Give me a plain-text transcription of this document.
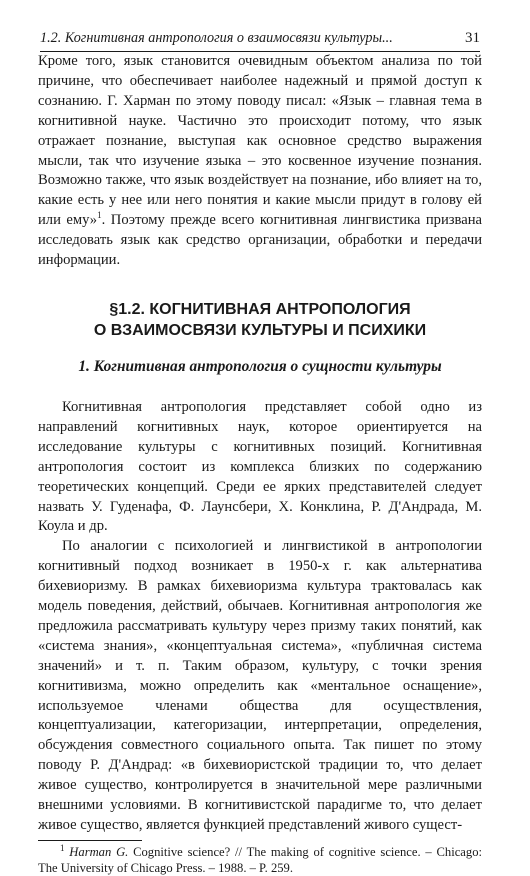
1.2. Когнитивная антропология о взаимосвязи культуры...	31

Кроме того, язык становится очевидным объектом анализа по той причине, что обеспечивает наиболее надежный и прямой доступ к сознанию. Г. Харман по этому поводу писал: «Язык – главная тема в когнитивной науке. Частично это происходит потому, что язык отражает познание, выступая как основное средство выражения мысли, так что изучение языка – это косвенное изучение познания. Возможно также, что язык воздействует на познание, ибо влияет на то, какие есть у нее или него понятия и какие мысли придут в голову ей или ему»$^1$. Поэтому прежде всего когнитивная лингвистика призвана исследовать язык как средство организации, обработки и передачи информации.

§1.2. КОГНИТИВНАЯ АНТРОПОЛОГИЯ
О ВЗАИМОСВЯЗИ КУЛЬТУРЫ И ПСИХИКИ
1. Когнитивная антропология о сущности культуры

Когнитивная антропология представляет собой одно из направлений когнитивных наук, которое ориентируется на исследование культуры с когнитивных позиций. Когнитивная антропология состоит из комплекса близких по содержанию теоретических концепций. Среди ее ярких представителей следует назвать У. Гуденафа, Ф. Лаунсбери, Х. Конклина, Р. Д'Андрада, М. Коула и др.

По аналогии с психологией и лингвистикой в антропологии когнитивный подход возникает в 1950-х г. как альтернатива бихевиоризму. В рамках бихевиоризма культура трактовалась как модель поведения, действий, обычаев. Когнитивная антропология же предложила рассматривать культуру через призму таких понятий, как «система знания», «концептуальная система», «публичная система значений» и т. п. Таким образом, культуру, с точки зрения когнитивизма, можно определить как «ментальное оснащение», используемое членами общества для осуществления, концептуализации, категоризации, интерпретации, определения, обсуждения совместного социального опыта. Так пишет по этому поводу Р. Д'Андрад: «в бихевиористской традиции то, что делает живое существо, контролируется в значительной мере различными внешними условиями. В когнитивистской парадигме то, что делает живое существо, является функцией представлений живого сущест-

$^1$ Harman G. Cognitive science? // The making of cognitive science. – Chicago: The University of Chicago Press. – 1988. – P. 259.
